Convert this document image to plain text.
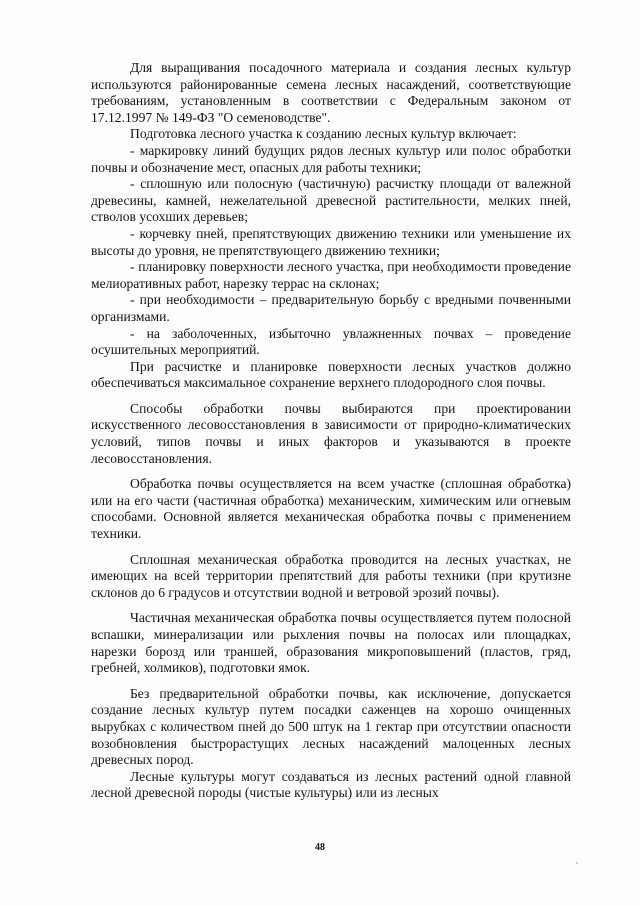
Для выращивания посадочного материала и создания лесных культур используются районированные семена лесных насаждений, соответствующие требованиям, установленным в соответствии с Федеральным законом от 17.12.1997 № 149-ФЗ "О семеноводстве".

Подготовка лесного участка к созданию лесных культур включает:

- маркировку линий будущих рядов лесных культур или полос обработки почвы и обозначение мест, опасных для работы техники;

- сплошную или полосную (частичную) расчистку площади от валежной древесины, камней, нежелательной древесной растительности, мелких пней, стволов усохших деревьев;

- корчевку пней, препятствующих движению техники или уменьшение их высоты до уровня, не препятствующего движению техники;

- планировку поверхности лесного участка, при необходимости проведение мелиоративных работ, нарезку террас на склонах;

- при необходимости – предварительную борьбу с вредными почвенными организмами.

- на заболоченных, избыточно увлажненных почвах – проведение осушительных мероприятий.

При расчистке и планировке поверхности лесных участков должно обеспечиваться максимальное сохранение верхнего плодородного слоя почвы.

Способы обработки почвы выбираются при проектировании искусственного лесовосстановления в зависимости от природно-климатических условий, типов почвы и иных факторов и указываются в проекте лесовосстановления.

Обработка почвы осуществляется на всем участке (сплошная обработка) или на его части (частичная обработка) механическим, химическим или огневым способами. Основной является механическая обработка почвы с применением техники.

Сплошная механическая обработка проводится на лесных участках, не имеющих на всей территории препятствий для работы техники (при крутизне склонов до 6 градусов и отсутствии водной и ветровой эрозий почвы).

Частичная механическая обработка почвы осуществляется путем полосной вспашки, минерализации или рыхления почвы на полосах или площадках, нарезки борозд или траншей, образования микроповышений (пластов, гряд, гребней, холмиков), подготовки ямок.

Без предварительной обработки почвы, как исключение, допускается создание лесных культур путем посадки саженцев на хорошо очищенных вырубках с количеством пней до 500 штук на 1 гектар при отсутствии опасности возобновления быстрорастущих лесных насаждений малоценных лесных древесных пород.

Лесные культуры могут создаваться из лесных растений одной главной лесной древесной породы (чистые культуры) или из лесных

48
